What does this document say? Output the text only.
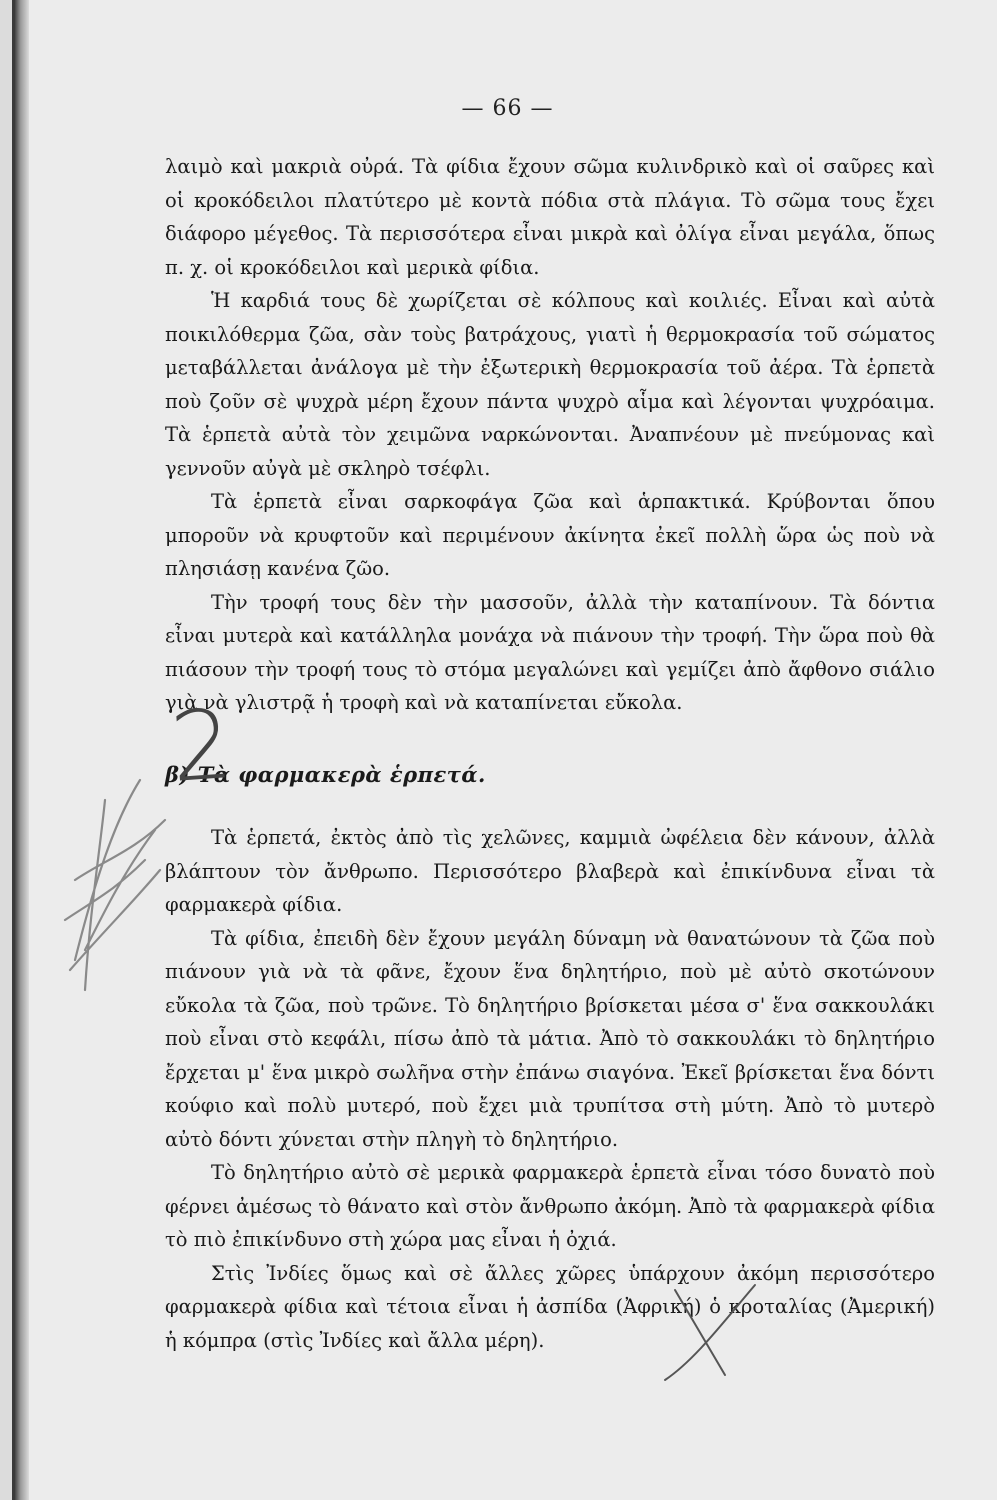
— 66 —

λαιμὸ καὶ μακριὰ οὐρά. Τὰ φίδια ἔχουν σῶμα κυλινδρικὸ καὶ οἱ σαῦρες καὶ οἱ κροκόδειλοι πλατύτερο μὲ κοντὰ πόδια στὰ πλάγια. Τὸ σῶμα τους ἔχει διάφορο μέγεθος. Τὰ περισσότερα εἶναι μικρὰ καὶ ὀλίγα εἶναι μεγάλα, ὅπως π. χ. οἱ κροκόδειλοι καὶ μερικὰ φίδια.

Ἡ καρδιά τους δὲ χωρίζεται σὲ κόλπους καὶ κοιλιές. Εἶναι καὶ αὐτὰ ποικιλόθερμα ζῶα, σὰν τοὺς βατράχους, γιατὶ ἡ θερμοκρασία τοῦ σώματος μεταβάλλεται ἀνάλογα μὲ τὴν ἐξωτερικὴ θερμοκρασία τοῦ ἀέρα. Τὰ ἑρπετὰ ποὺ ζοῦν σὲ ψυχρὰ μέρη ἔχουν πάντα ψυχρὸ αἷμα καὶ λέγονται ψυχρόαιμα. Τὰ ἑρπετὰ αὐτὰ τὸν χειμῶνα ναρκώνονται. Ἀναπνέουν μὲ πνεύμονας καὶ γεννοῦν αὐγὰ μὲ σκληρὸ τσέφλι.

Τὰ ἑρπετὰ εἶναι σαρκοφάγα ζῶα καὶ ἁρπακτικά. Κρύβονται ὅπου μποροῦν νὰ κρυφτοῦν καὶ περιμένουν ἀκίνητα ἐκεῖ πολλὴ ὥρα ὡς ποὺ νὰ πλησιάσῃ κανένα ζῶο.

Τὴν τροφή τους δὲν τὴν μασσοῦν, ἀλλὰ τὴν καταπίνουν. Τὰ δόντια εἶναι μυτερὰ καὶ κατάλληλα μονάχα νὰ πιάνουν τὴν τροφή. Τὴν ὥρα ποὺ θὰ πιάσουν τὴν τροφή τους τὸ στόμα μεγαλώνει καὶ γεμίζει ἀπὸ ἄφθονο σιάλιο γιὰ νὰ γλιστρᾷ ἡ τροφὴ καὶ νὰ καταπίνεται εὔκολα.

β) Τὰ φαρμακερὰ ἑρπετά.

Τὰ ἑρπετά, ἐκτὸς ἀπὸ τὶς χελῶνες, καμμιὰ ὠφέλεια δὲν κάνουν, ἀλλὰ βλάπτουν τὸν ἄνθρωπο. Περισσότερο βλαβερὰ καὶ ἐπικίνδυνα εἶναι τὰ φαρμακερὰ φίδια.

Τὰ φίδια, ἐπειδὴ δὲν ἔχουν μεγάλη δύναμη νὰ θανατώνουν τὰ ζῶα ποὺ πιάνουν γιὰ νὰ τὰ φᾶνε, ἔχουν ἕνα δηλητήριο, ποὺ μὲ αὐτὸ σκοτώνουν εὔκολα τὰ ζῶα, ποὺ τρῶνε. Τὸ δηλητήριο βρίσκεται μέσα σ' ἕνα σακκουλάκι ποὺ εἶναι στὸ κεφάλι, πίσω ἀπὸ τὰ μάτια. Ἀπὸ τὸ σακκουλάκι τὸ δηλητήριο ἔρχεται μ' ἕνα μικρὸ σωλῆνα στὴν ἐπάνω σιαγόνα. Ἐκεῖ βρίσκεται ἕνα δόντι κούφιο καὶ πολὺ μυτερό, ποὺ ἔχει μιὰ τρυπίτσα στὴ μύτη. Ἀπὸ τὸ μυτερὸ αὐτὸ δόντι χύνεται στὴν πληγὴ τὸ δηλητήριο.

Τὸ δηλητήριο αὐτὸ σὲ μερικὰ φαρμακερὰ ἑρπετὰ εἶναι τόσο δυνατὸ ποὺ φέρνει ἀμέσως τὸ θάνατο καὶ στὸν ἄνθρωπο ἀκόμη. Ἀπὸ τὰ φαρμακερὰ φίδια τὸ πιὸ ἐπικίνδυνο στὴ χώρα μας εἶναι ἡ ὀχιά.

Στὶς Ἰνδίες ὅμως καὶ σὲ ἄλλες χῶρες ὑπάρχουν ἀκόμη περισσότερο φαρμακερὰ φίδια καὶ τέτοια εἶναι ἡ ἀσπίδα (Ἀφρική) ὁ κροταλίας (Ἀμερική) ἡ κόμπρα (στὶς Ἰνδίες καὶ ἄλλα μέρη).

2
